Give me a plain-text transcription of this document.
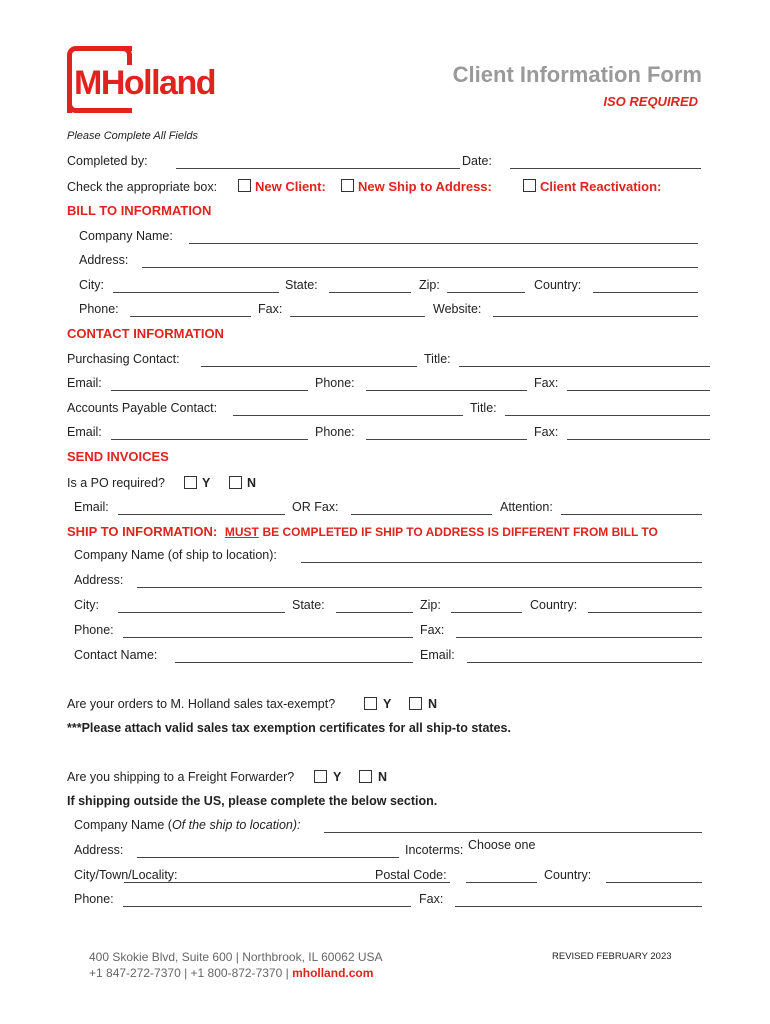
MHolland	Client Information Form
ISO REQUIRED
Please Complete All Fields
Completed by:	Date:
Check the appropriate box:	New Client: New Ship to Address:	Client Reactivation:
BILL TO INFORMATION
Company Name:
Address:
City:	State:	Zip:	Country:
Phone:	Fax:	Website:
CONTACT INFORMATION
Purchasing Contact:	Title:
Email:	Phone:	Fax:
Accounts Payable Contact:	Title:
Email:	Phone:	Fax:
SEND INVOICES
Is a PO required?	Y	N
Email:	OR Fax:	Attention:
SHIP TO INFORMATION: MUST BE COMPLETED IF SHIP TO ADDRESS IS DIFFERENT FROM BILL TO
Company Name (of ship to location):
Address:
City:	State:	Zip:	Country:
Phone:	Fax:
Contact Name:	Email:
Are your orders to M. Holland sales tax-exempt?	Y	N
***Please attach valid sales tax exemption certificates for all ship-to states.
Are you shipping to a Freight Forwarder?	Y	N
If shipping outside the US, please complete the below section.
Company Name (Of the ship to location):
Address:	Incoterms: Choose one
City/Town/Locality:	Postal Code:	Country:
Phone:	Fax:
400 Skokie Blvd, Suite 600 | Northbrook, IL 60062 USA
+1 847-272-7370 | +1 800-872-7370 | mholland.com
REVISED FEBRUARY 2023
